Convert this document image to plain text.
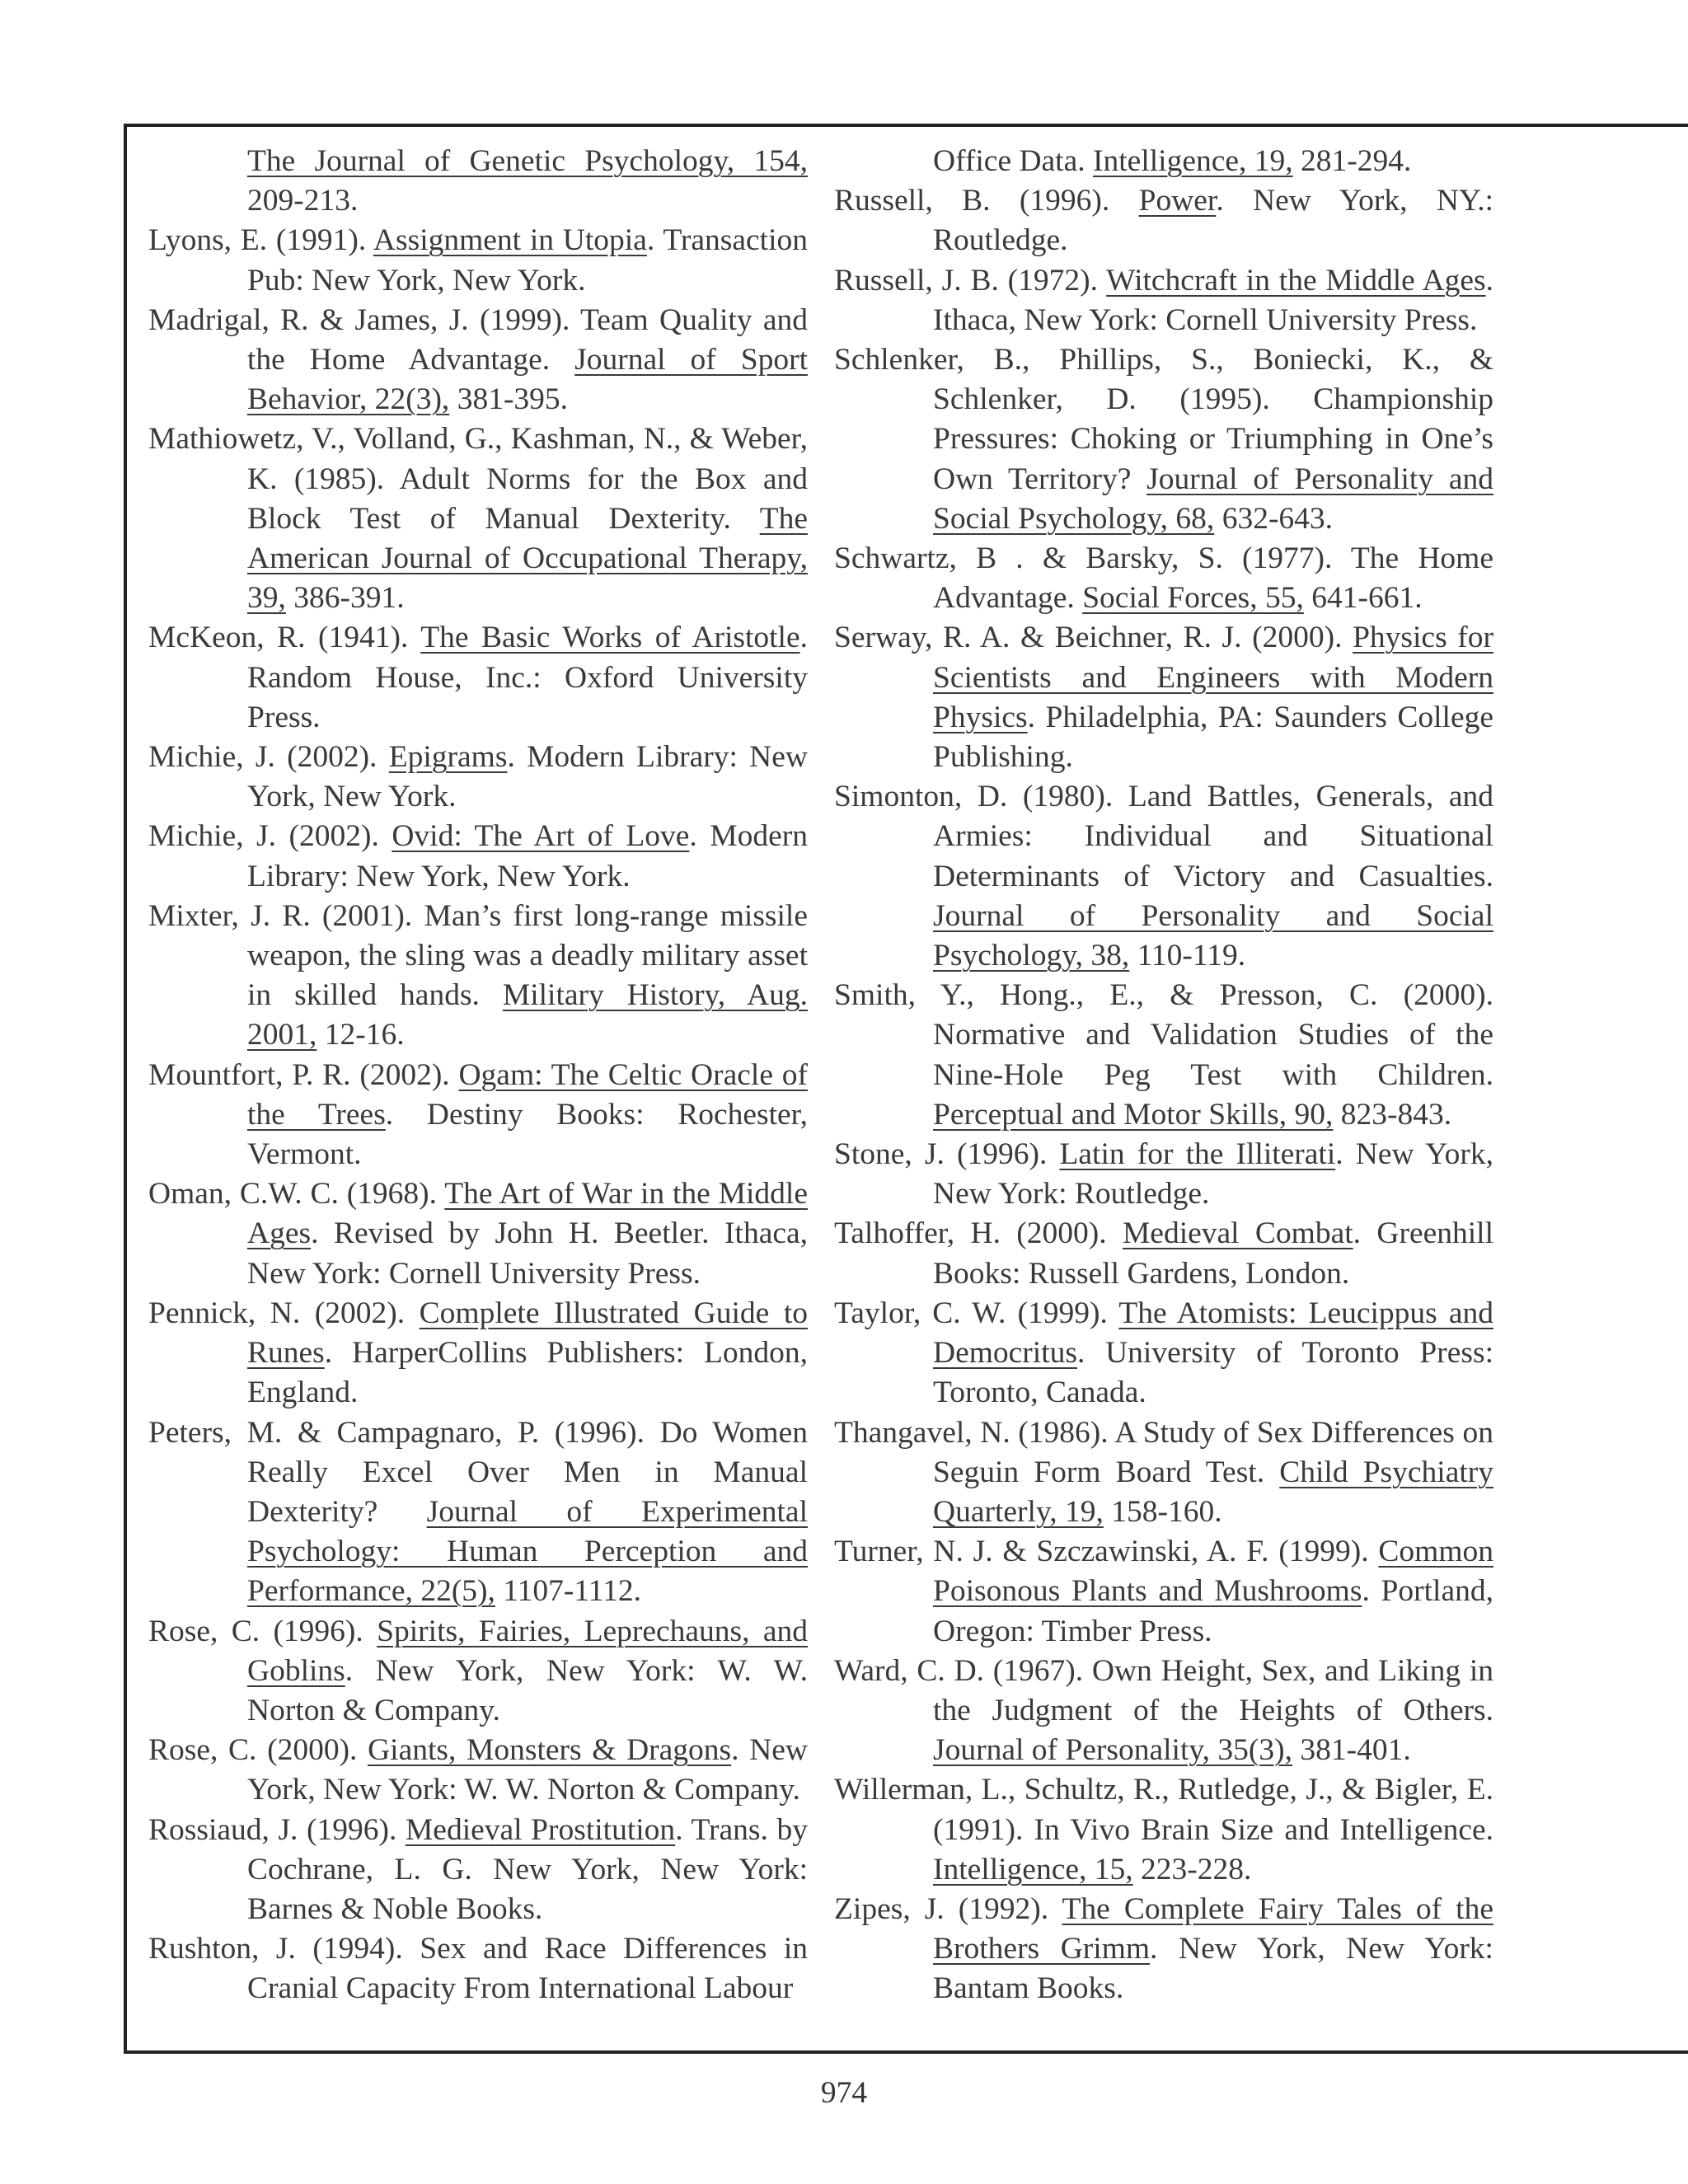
The Journal of Genetic Psychology, 154, 209-213.

Lyons, E. (1991). Assignment in Utopia. Transaction Pub: New York, New York.

Madrigal, R. & James, J. (1999). Team Quality and the Home Advantage. Journal of Sport Behavior, 22(3), 381-395.

Mathiowetz, V., Volland, G., Kashman, N., & Weber, K. (1985). Adult Norms for the Box and Block Test of Manual Dexterity. The American Journal of Occupational Therapy, 39, 386-391.

McKeon, R. (1941). The Basic Works of Aristotle. Random House, Inc.: Oxford University Press.

Michie, J. (2002). Epigrams. Modern Library: New York, New York.

Michie, J. (2002). Ovid: The Art of Love. Modern Library: New York, New York.

Mixter, J. R. (2001). Man’s first long-range missile weapon, the sling was a deadly military asset in skilled hands. Military History, Aug. 2001, 12-16.

Mountfort, P. R. (2002). Ogam: The Celtic Oracle of the Trees. Destiny Books: Rochester, Vermont.

Oman, C.W. C. (1968). The Art of War in the Middle Ages. Revised by John H. Beetler. Ithaca, New York: Cornell University Press.

Pennick, N. (2002). Complete Illustrated Guide to Runes. HarperCollins Publishers: London, England.

Peters, M. & Campagnaro, P. (1996). Do Women Really Excel Over Men in Manual Dexterity? Journal of Experimental Psychology: Human Perception and Performance, 22(5), 1107-1112.

Rose, C. (1996). Spirits, Fairies, Leprechauns, and Goblins. New York, New York: W. W. Norton & Company.

Rose, C. (2000). Giants, Monsters & Dragons. New York, New York: W. W. Norton & Company.

Rossiaud, J. (1996). Medieval Prostitution. Trans. by Cochrane, L. G. New York, New York: Barnes & Noble Books.

Rushton, J. (1994). Sex and Race Differences in Cranial Capacity From International Labour

Office Data. Intelligence, 19, 281-294.

Russell, B. (1996). Power. New York, NY.: Routledge.

Russell, J. B. (1972). Witchcraft in the Middle Ages. Ithaca, New York: Cornell University Press.

Schlenker, B., Phillips, S., Boniecki, K., & Schlenker, D. (1995). Championship Pressures: Choking or Triumphing in One’s Own Territory? Journal of Personality and Social Psychology, 68, 632-643.

Schwartz, B . & Barsky, S. (1977). The Home Advantage. Social Forces, 55, 641-661.

Serway, R. A. & Beichner, R. J. (2000). Physics for Scientists and Engineers with Modern Physics. Philadelphia, PA: Saunders College Publishing.

Simonton, D. (1980). Land Battles, Generals, and Armies: Individual and Situational Determinants of Victory and Casualties. Journal of Personality and Social Psychology, 38, 110-119.

Smith, Y., Hong., E., & Presson, C. (2000). Normative and Validation Studies of the Nine-Hole Peg Test with Children. Perceptual and Motor Skills, 90, 823-843.

Stone, J. (1996). Latin for the Illiterati. New York, New York: Routledge.

Talhoffer, H. (2000). Medieval Combat. Greenhill Books: Russell Gardens, London.

Taylor, C. W. (1999). The Atomists: Leucippus and Democritus. University of Toronto Press: Toronto, Canada.

Thangavel, N. (1986). A Study of Sex Differences on Seguin Form Board Test. Child Psychiatry Quarterly, 19, 158-160.

Turner, N. J. & Szczawinski, A. F. (1999). Common Poisonous Plants and Mushrooms. Portland, Oregon: Timber Press.

Ward, C. D. (1967). Own Height, Sex, and Liking in the Judgment of the Heights of Others. Journal of Personality, 35(3), 381-401.

Willerman, L., Schultz, R., Rutledge, J., & Bigler, E. (1991). In Vivo Brain Size and Intelligence. Intelligence, 15, 223-228.

Zipes, J. (1992). The Complete Fairy Tales of the Brothers Grimm. New York, New York: Bantam Books.

974
